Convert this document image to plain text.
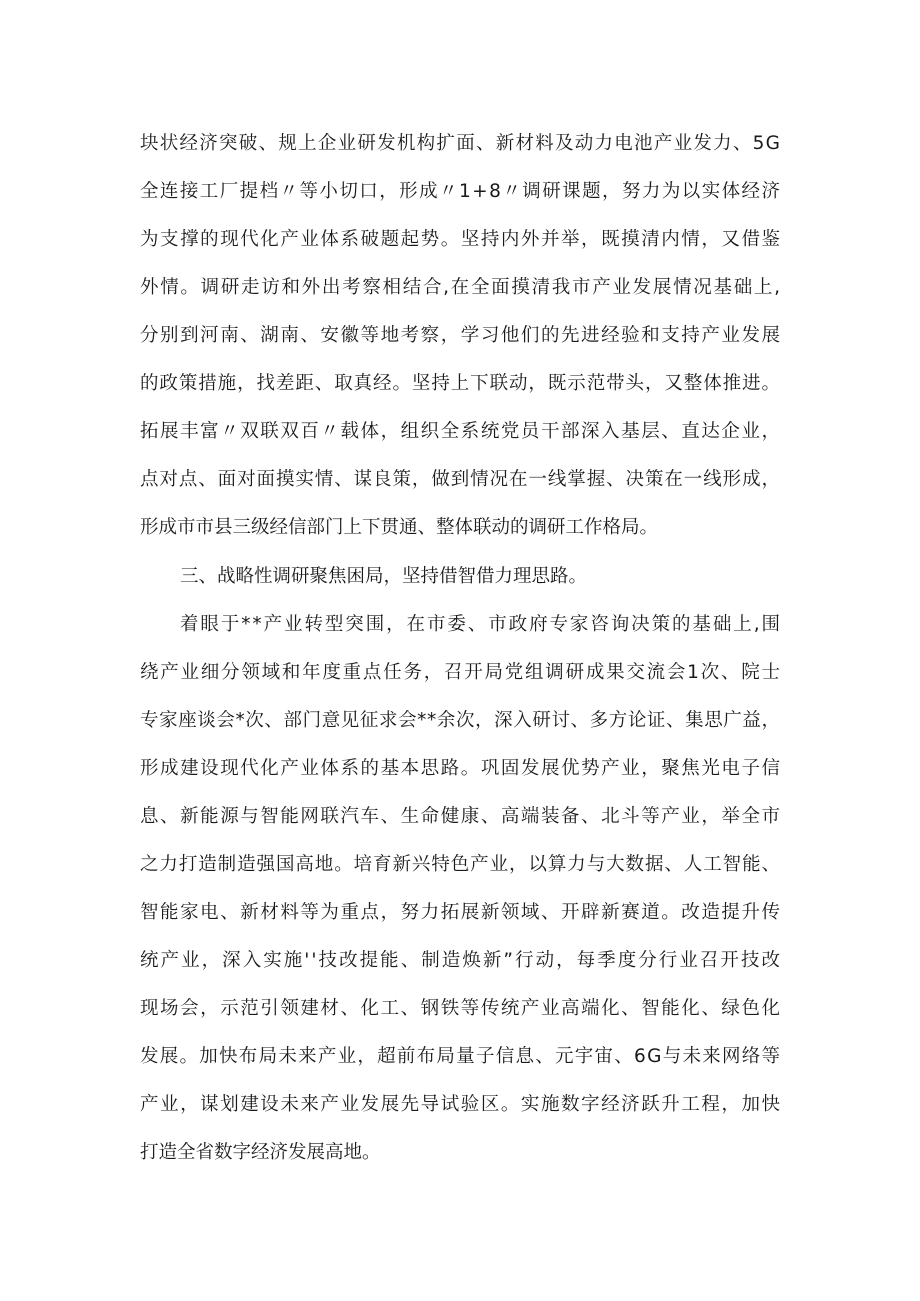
块状经济突破、规上企业研发机构扩面、新材料及动力电池产业发力、5G
全连接工厂提档〃等小切口，形成〃1+8〃调研课题，努力为以实体经济
为支撑的现代化产业体系破题起势。坚持内外并举，既摸清内情，又借鉴
外情。调研走访和外出考察相结合,在全面摸清我市产业发展情况基础上,
分别到河南、湖南、安徽等地考察，学习他们的先进经验和支持产业发展
的政策措施，找差距、取真经。坚持上下联动，既示范带头，又整体推进。
拓展丰富〃双联双百〃载体，组织全系统党员干部深入基层、直达企业，
点对点、面对面摸实情、谋良策，做到情况在一线掌握、决策在一线形成，
形成市市县三级经信部门上下贯通、整体联动的调研工作格局。
三、战略性调研聚焦困局，坚持借智借力理思路。
着眼于**产业转型突围，在市委、市政府专家咨询决策的基础上,围
绕产业细分领域和年度重点任务，召开局党组调研成果交流会1次、院士
专家座谈会*次、部门意见征求会**余次，深入研讨、多方论证、集思广益，
形成建设现代化产业体系的基本思路。巩固发展优势产业，聚焦光电子信
息、新能源与智能网联汽车、生命健康、高端装备、北斗等产业，举全市
之力打造制造强国高地。培育新兴特色产业，以算力与大数据、人工智能、
智能家电、新材料等为重点，努力拓展新领域、开辟新赛道。改造提升传
统产业，深入实施''技改提能、制造焕新”行动，每季度分行业召开技改
现场会，示范引领建材、化工、钢铁等传统产业高端化、智能化、绿色化
发展。加快布局未来产业，超前布局量子信息、元宇宙、6G与未来网络等
产业，谋划建设未来产业发展先导试验区。实施数字经济跃升工程，加快
打造全省数字经济发展高地。
